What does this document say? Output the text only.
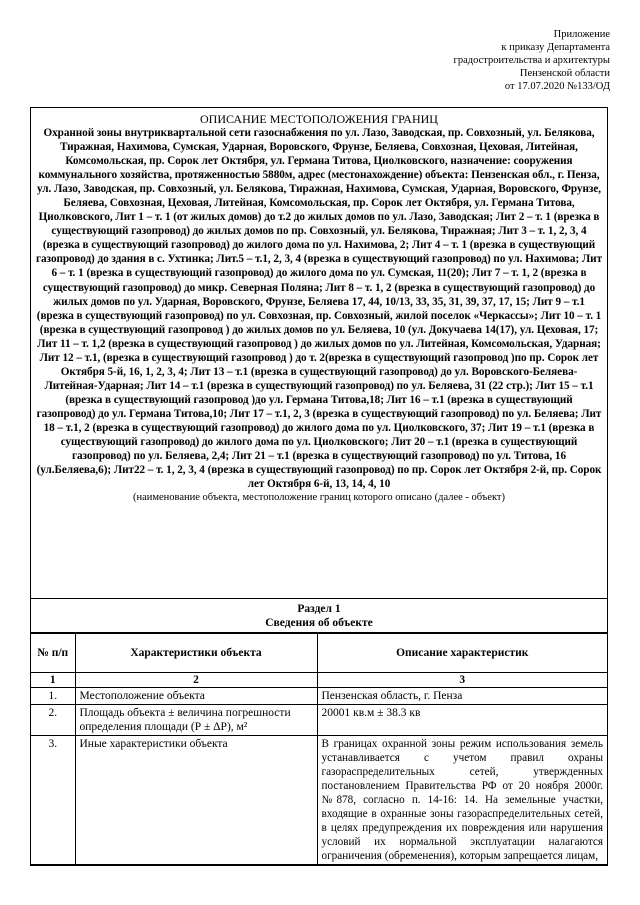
Приложение
к приказу Департамента
градостроительства и архитектуры
Пензенской области
от 17.07.2020 №133/ОД
ОПИСАНИЕ МЕСТОПОЛОЖЕНИЯ ГРАНИЦ
Охранной зоны внутриквартальной сети газоснабжения по ул. Лазо, Заводская, пр. Совхозный, ул. Белякова, Тиражная, Нахимова, Сумская, Ударная, Воровского, Фрунзе, Беляева, Совхозная, Цеховая, Литейная, Комсомольская, пр. Сорок лет Октября, ул. Германа Титова, Циолковского, назначение: сооружения коммунального хозяйства, протяженностью 5880м, адрес (местонахождение) объекта: Пензенская обл., г. Пенза, ул. Лазо, Заводская, пр. Совхозный, ул. Белякова, Тиражная, Нахимова, Сумская, Ударная, Воровского, Фрунзе, Беляева, Совхозная, Цеховая, Литейная, Комсомольская, пр. Сорок лет Октября, ул. Германа Титова, Циолковского, Лит 1 – т. 1 (от жилых домов) до т.2 до жилых домов по ул. Лазо, Заводская; Лит 2 – т. 1 (врезка в существующий газопровод) до жилых домов по пр. Совхозный, ул. Белякова, Тиражная; Лит 3 – т. 1, 2, 3, 4 (врезка в существующий газопровод) до жилого дома по ул. Нахимова, 2; Лит 4 – т. 1 (врезка в существующий газопровод) до здания в с. Ухтинка; Лит.5 – т.1, 2, 3, 4 (врезка в существующий газопровод) по ул. Нахимова; Лит 6 – т. 1 (врезка в существующий газопровод) до жилого дома по ул. Сумская, 11(20); Лит 7 – т. 1, 2 (врезка в существующий газопровод) до микр. Северная Поляна; Лит 8 – т. 1, 2 (врезка в существующий газопровод) до жилых домов по ул. Ударная, Воровского, Фрунзе, Беляева 17, 44, 10/13, 33, 35, 31, 39, 37, 17, 15; Лит 9 – т.1 (врезка в существующий газопровод) по ул. Совхозная, пр. Совхозный, жилой поселок «Черкассы»; Лит 10 – т. 1 (врезка в существующий газопровод ) до жилых домов по ул. Беляева, 10 (ул. Докучаева 14(17), ул. Цеховая, 17; Лит 11 – т. 1,2 (врезка в существующий газопровод ) до жилых домов по ул. Литейная, Комсомольская, Ударная; Лит 12 – т.1, (врезка в существующий газопровод ) до т. 2(врезка в существующий газопровод )по пр. Сорок лет Октября 5-й, 16, 1, 2, 3, 4; Лит 13 – т.1 (врезка в существующий газопровод) до ул. Воровского-Беляева-Литейная-Ударная; Лит 14 – т.1 (врезка в существующий газопровод) по ул. Беляева, 31 (22 стр.); Лит 15 – т.1 (врезка в существующий газопровод )до ул. Германа Титова,18; Лит 16 – т.1 (врезка в существующий газопровод) до ул. Германа Титова,10; Лит 17 – т.1, 2, 3 (врезка в существующий газопровод) по ул. Беляева; Лит 18 – т.1, 2 (врезка в существующий газопровод) до жилого дома по ул. Циолковского, 37; Лит 19 – т.1 (врезка в существующий газопровод) до жилого дома по ул. Циолковского; Лит 20 – т.1 (врезка в существующий газопровод) по ул. Беляева, 2,4; Лит 21 – т.1 (врезка в существующий газопровод) по ул. Титова, 16 (ул.Беляева,6); Лит22 – т. 1, 2, 3, 4 (врезка в существующий газопровод) по пр. Сорок лет Октября 2-й, пр. Сорок лет Октября 6-й, 13, 14, 4, 10
(наименование объекта, местоположение границ которого описано (далее - объект)
Раздел 1
Сведения об объекте
№ п/п	Характеристики объекта	Описание характеристик
1	2	3
1.	Местоположение объекта	Пензенская область, г. Пенза
2.	Площадь объекта ± величина погрешности определения площади (Р ± ΔР), м²	20001 кв.м ± 38.3 кв
3.	Иные характеристики объекта	В границах охранной зоны режим использования земель устанавливается с учетом правил охраны газораспределительных сетей, утвержденных постановлением Правительства РФ от 20 ноября 2000г. №878, согласно п. 14-16: 14. На земельные участки, входящие в охранные зоны газораспределительных сетей, в целях предупреждения их повреждения или нарушения условий их нормальной эксплуатации налагаются ограничения (обременения), которым запрещается лицам,
